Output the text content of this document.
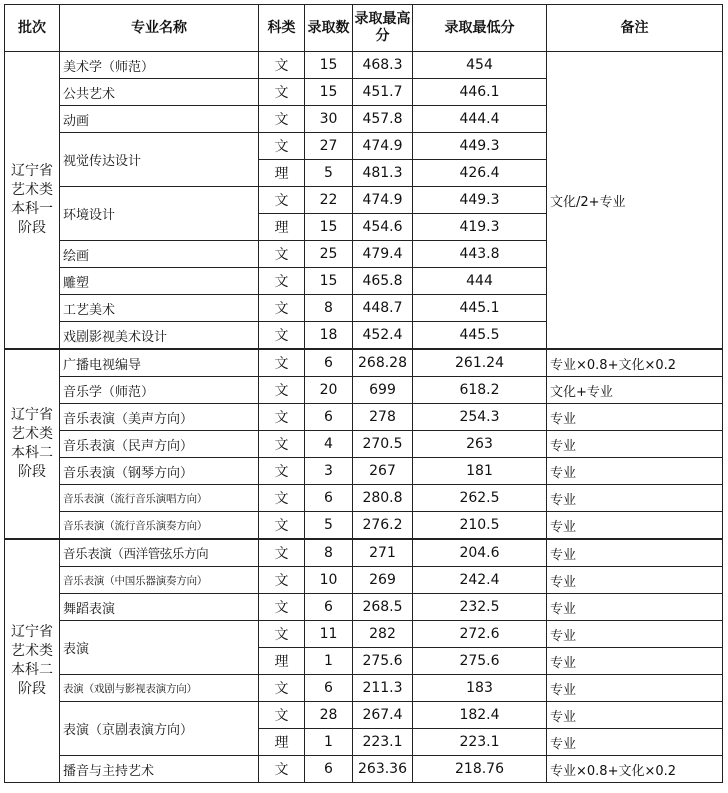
批次	专业名称	科类	录取数	录取最高分	录取最低分	备注

辽宁省
艺术类
本科一
阶段	美术学（师范）	文	15	468.3	454	文化/2+专业
	公共艺术	文	15	451.7	446.1	
	动画	文	30	457.8	444.4	
	视觉传达设计	文	27	474.9	449.3	
		理	5	481.3	426.4	
	环境设计	文	22	474.9	449.3	
		理	15	454.6	419.3	
	绘画	文	25	479.4	443.8	
	雕塑	文	15	465.8	444	
	工艺美术	文	8	448.7	445.1	
	戏剧影视美术设计	文	18	452.4	445.5	

辽宁省
艺术类
本科二
阶段	广播电视编导	文	6	268.28	261.24	专业×0.8+文化×0.2
	音乐学（师范）	文	20	699	618.2	文化+专业
	音乐表演（美声方向）	文	6	278	254.3	专业
	音乐表演（民声方向）	文	4	270.5	263	专业
	音乐表演（钢琴方向）	文	3	267	181	专业
	音乐表演（流行音乐演唱方向）	文	6	280.8	262.5	专业
	音乐表演（流行音乐演奏方向）	文	5	276.2	210.5	专业

辽宁省
艺术类
本科二
阶段	音乐表演（西洋管弦乐方向	文	8	271	204.6	专业
	音乐表演（中国乐器演奏方向）	文	10	269	242.4	专业
	舞蹈表演	文	6	268.5	232.5	专业
	表演	文	11	282	272.6	专业
		理	1	275.6	275.6	专业
	表演（戏剧与影视表演方向）	文	6	211.3	183	专业
	表演（京剧表演方向）	文	28	267.4	182.4	专业
		理	1	223.1	223.1	专业
	播音与主持艺术	文	6	263.36	218.76	专业×0.8+文化×0.2
